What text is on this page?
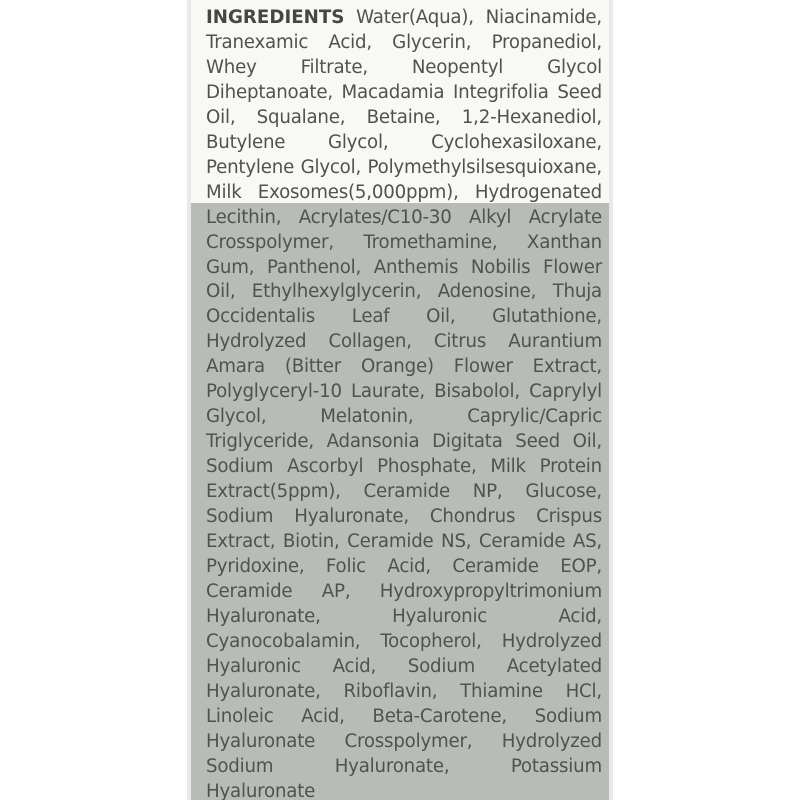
INGREDIENTS Water(Aqua), Niacinamide, Tranexamic Acid, Glycerin, Propanediol, Whey Filtrate, Neopentyl Glycol Diheptanoate, Macadamia Integrifolia Seed Oil, Squalane, Betaine, 1,2-Hexanediol, Butylene Glycol, Cyclohexasiloxane, Pentylene Glycol, Polymethylsilsesquioxane, Milk Exosomes(5,000ppm), Hydrogenated Lecithin, Acrylates/C10-30 Alkyl Acrylate Crosspolymer, Tromethamine, Xanthan Gum, Panthenol, Anthemis Nobilis Flower Oil, Ethylhexylglycerin, Adenosine, Thuja Occidentalis Leaf Oil, Glutathione, Hydrolyzed Collagen, Citrus Aurantium Amara (Bitter Orange) Flower Extract, Polyglyceryl-10 Laurate, Bisabolol, Caprylyl Glycol, Melatonin, Caprylic/Capric Triglyceride, Adansonia Digitata Seed Oil, Sodium Ascorbyl Phosphate, Milk Protein Extract(5ppm), Ceramide NP, Glucose, Sodium Hyaluronate, Chondrus Crispus Extract, Biotin, Ceramide NS, Ceramide AS, Pyridoxine, Folic Acid, Ceramide EOP, Ceramide AP, Hydroxypropyltrimonium Hyaluronate, Hyaluronic Acid, Cyanocobalamin, Tocopherol, Hydrolyzed Hyaluronic Acid, Sodium Acetylated Hyaluronate, Riboflavin, Thiamine HCl, Linoleic Acid, Beta-Carotene, Sodium Hyaluronate Crosspolymer, Hydrolyzed Sodium Hyaluronate, Potassium Hyaluronate
